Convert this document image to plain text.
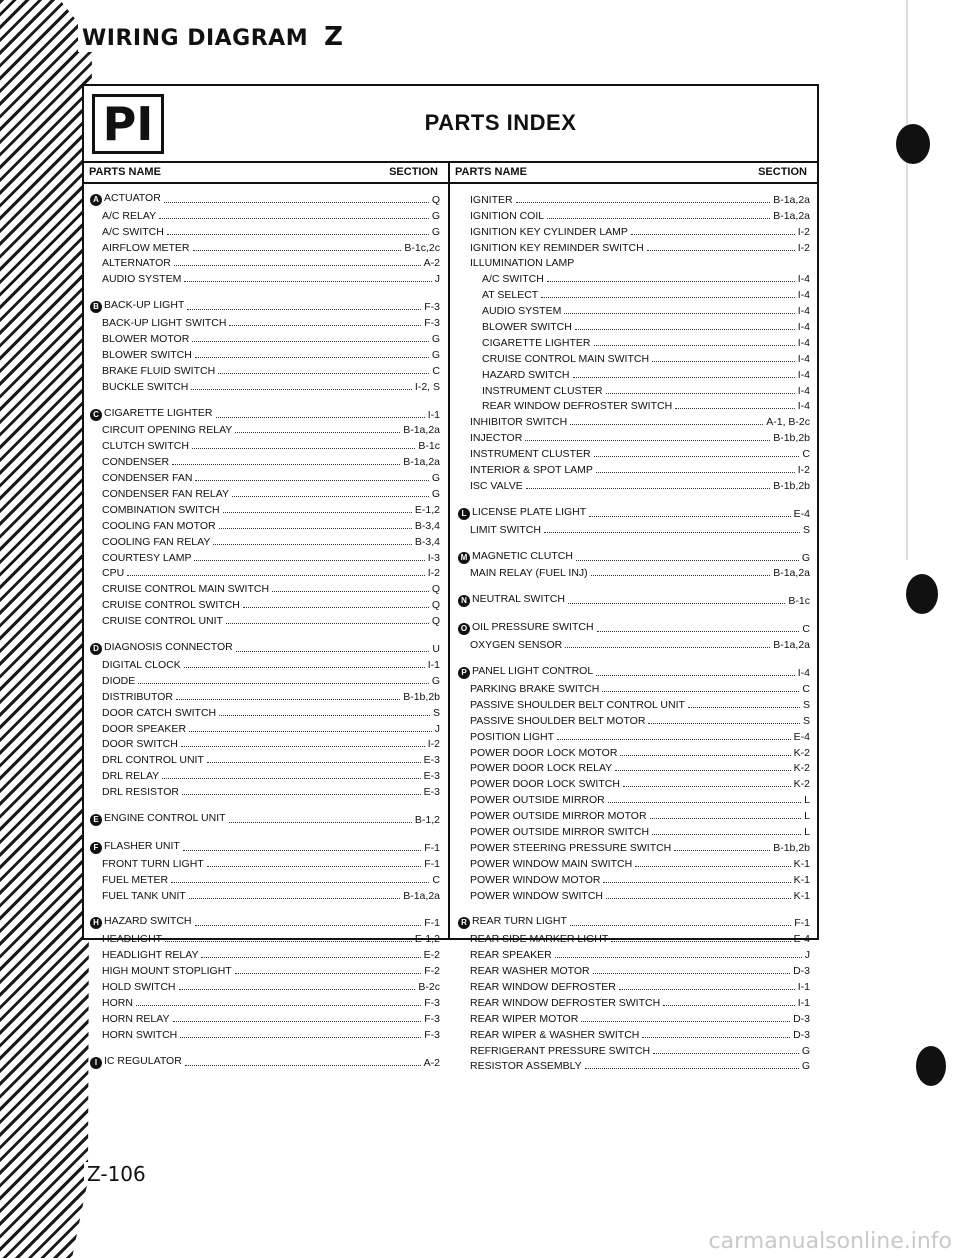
WIRING DIAGRAM Z
PI	PARTS INDEX
PARTS NAME	SECTION PARTS NAME	SECTION
A ACTUATOR	Q
A/C RELAY	G
A/C SWITCH	G
AIRFLOW METER	B-1c,2c
ALTERNATOR	A-2
AUDIO SYSTEM	J
B BACK-UP LIGHT	F-3
BACK-UP LIGHT SWITCH	F-3
BLOWER MOTOR	G
BLOWER SWITCH	G
BRAKE FLUID SWITCH	C
BUCKLE SWITCH	I-2, S
C CIGARETTE LIGHTER	I-1
CIRCUIT OPENING RELAY	B-1a,2a
CLUTCH SWITCH	B-1c
CONDENSER	B-1a,2a
CONDENSER FAN	G
CONDENSER FAN RELAY	G
COMBINATION SWITCH	E-1,2
COOLING FAN MOTOR	B-3,4
COOLING FAN RELAY	B-3,4
COURTESY LAMP	I-3
CPU	I-2
CRUISE CONTROL MAIN SWITCH	Q
CRUISE CONTROL SWITCH	Q
CRUISE CONTROL UNIT	Q
D DIAGNOSIS CONNECTOR	U
DIGITAL CLOCK	I-1
DIODE	G
DISTRIBUTOR	B-1b,2b
DOOR CATCH SWITCH	S
DOOR SPEAKER	J
DOOR SWITCH	I-2
DRL CONTROL UNIT	E-3
DRL RELAY	E-3
DRL RESISTOR	E-3
E ENGINE CONTROL UNIT	B-1,2
F FLASHER UNIT	F-1
FRONT TURN LIGHT	F-1
FUEL METER	C
FUEL TANK UNIT	B-1a,2a
H HAZARD SWITCH	F-1
HEADLIGHT	E-1,2
HEADLIGHT RELAY	E-2
HIGH MOUNT STOPLIGHT	F-2
HOLD SWITCH	B-2c
HORN	F-3
HORN RELAY	F-3
HORN SWITCH	F-3
I IC REGULATOR	A-2
IGNITER	B-1a,2a
IGNITION COIL	B-1a,2a
IGNITION KEY CYLINDER LAMP	I-2
IGNITION KEY REMINDER SWITCH	I-2
ILLUMINATION LAMP
A/C SWITCH	I-4
AT SELECT	I-4
AUDIO SYSTEM	I-4
BLOWER SWITCH	I-4
CIGARETTE LIGHTER	I-4
CRUISE CONTROL MAIN SWITCH	I-4
HAZARD SWITCH	I-4
INSTRUMENT CLUSTER	I-4
REAR WINDOW DEFROSTER SWITCH	I-4
INHIBITOR SWITCH	A-1, B-2c
INJECTOR	B-1b,2b
INSTRUMENT CLUSTER	C
INTERIOR & SPOT LAMP	I-2
ISC VALVE	B-1b,2b
L LICENSE PLATE LIGHT	E-4
LIMIT SWITCH	S
M MAGNETIC CLUTCH	G
MAIN RELAY (FUEL INJ)	B-1a,2a
N NEUTRAL SWITCH	B-1c
O OIL PRESSURE SWITCH	C
OXYGEN SENSOR	B-1a,2a
P PANEL LIGHT CONTROL	I-4
PARKING BRAKE SWITCH	C
PASSIVE SHOULDER BELT CONTROL UNIT	S
PASSIVE SHOULDER BELT MOTOR	S
POSITION LIGHT	E-4
POWER DOOR LOCK MOTOR	K-2
POWER DOOR LOCK RELAY	K-2
POWER DOOR LOCK SWITCH	K-2
POWER OUTSIDE MIRROR	L
POWER OUTSIDE MIRROR MOTOR	L
POWER OUTSIDE MIRROR SWITCH	L
POWER STEERING PRESSURE SWITCH	B-1b,2b
POWER WINDOW MAIN SWITCH	K-1
POWER WINDOW MOTOR	K-1
POWER WINDOW SWITCH	K-1
R REAR TURN LIGHT	F-1
REAR SIDE MARKER LIGHT	E-4
REAR SPEAKER	J
REAR WASHER MOTOR	D-3
REAR WINDOW DEFROSTER	I-1
REAR WINDOW DEFROSTER SWITCH	I-1
REAR WIPER MOTOR	D-3
REAR WIPER & WASHER SWITCH	D-3
REFRIGERANT PRESSURE SWITCH	G
RESISTOR ASSEMBLY	G
Z-106
carmanualsonline.info
